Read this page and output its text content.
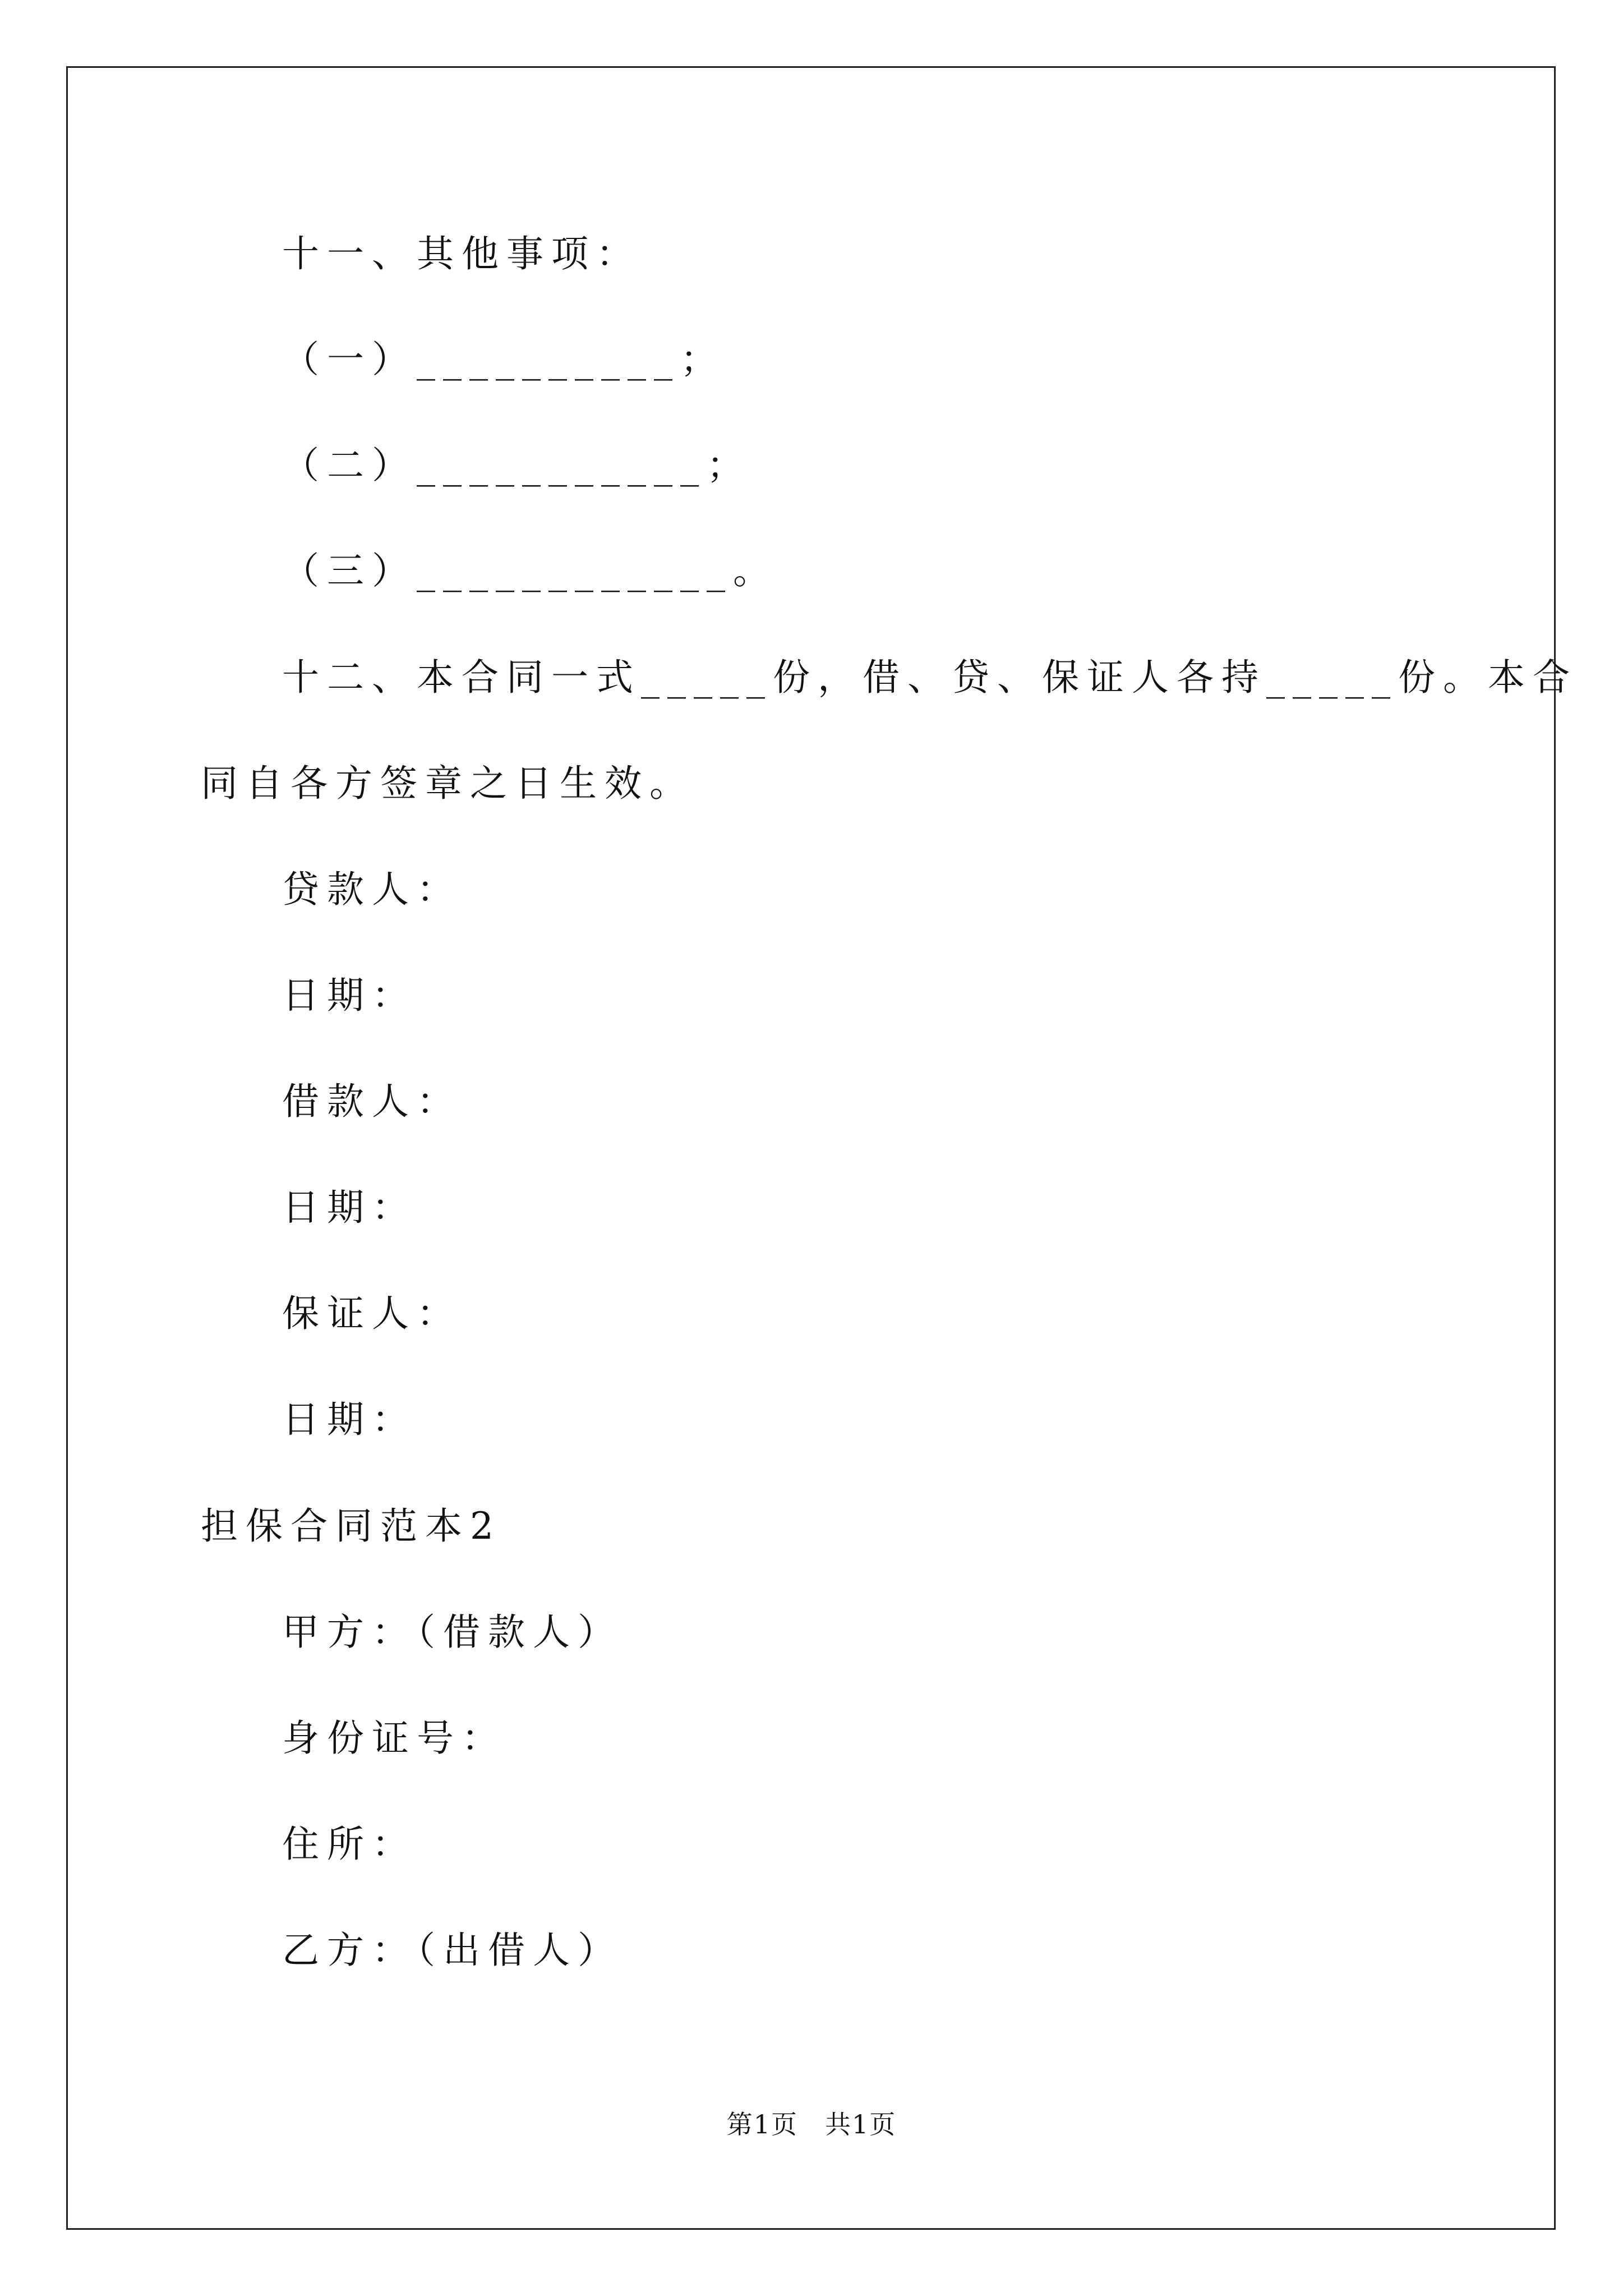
十一、其他事项：
（一）__________；
（二）___________；
（三）____________。
十二、本合同一式_____份，借、贷、保证人各持_____份。本合
同自各方签章之日生效。
贷款人：
日期：
借款人：
日期：
保证人：
日期：
担保合同范本2
甲方：（借款人）
身份证号：
住所：
乙方：（出借人）
第1页　共1页
